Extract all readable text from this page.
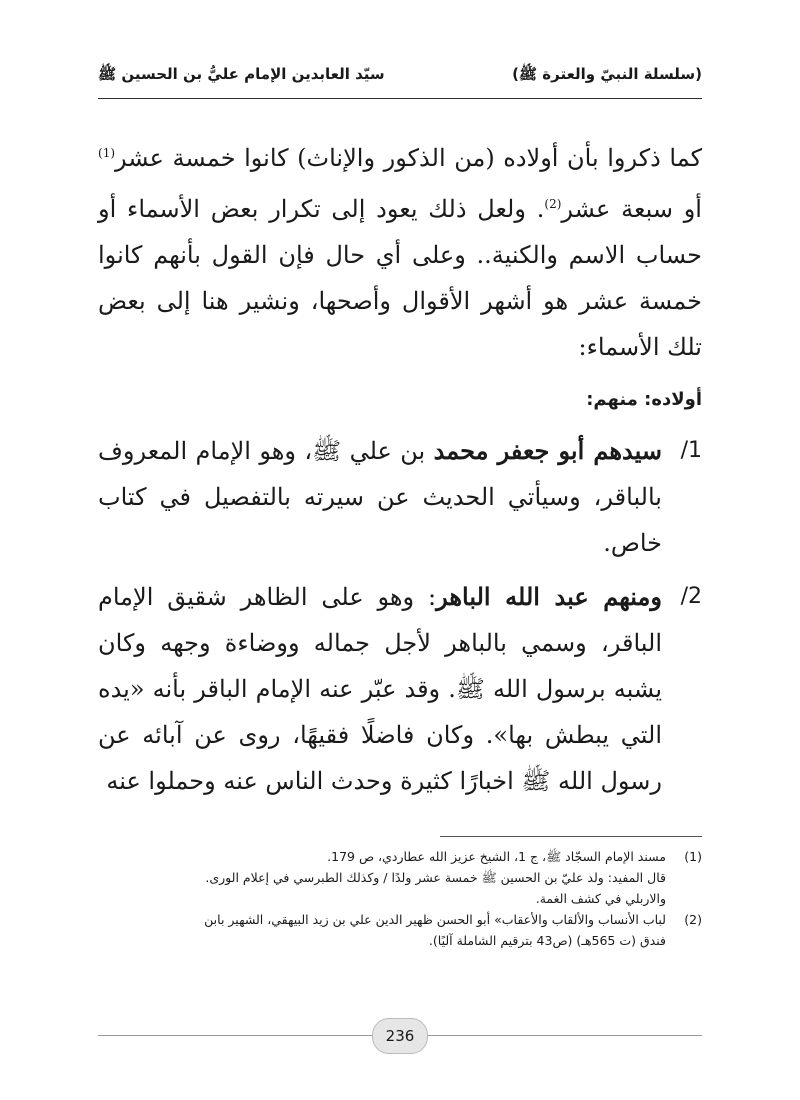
(سلسلة النبيّ والعترة ﷺ)
سيّد العابدين الإمام عليُّ بن الحسين ﷺ

كما ذكروا بأن أولاده (من الذكور والإناث) كانوا خمسة عشر$^{(1)}$ أو سبعة عشر$^{(2)}$. ولعل ذلك يعود إلى تكرار بعض الأسماء أو حساب الاسم والكنية.. وعلى أي حال فإن القول بأنهم كانوا خمسة عشر هو أشهر الأقوال وأصحها، ونشير هنا إلى بعض تلك الأسماء:

أولاده: منهم:
1/
سيدهم أبو جعفر محمد بن علي ﷺ، وهو الإمام المعروف بالباقر، وسيأتي الحديث عن سيرته بالتفصيل في كتاب خاص.
2/
ومنهم عبد الله الباهر: وهو على الظاهر شقيق الإمام الباقر، وسمي بالباهر لأجل جماله ووضاءة وجهه وكان يشبه برسول الله ﷺ. وقد عبّر عنه الإمام الباقر بأنه «يده التي يبطش بها». وكان فاضلًا فقيهًا، روى عن آبائه عن رسول الله ﷺ اخبارًا كثيرة وحدث الناس عنه وحملوا عنه
(1)

مسند الإمام السجّاد ﷺ، ج 1، الشيخ عزيز الله عطاردي، ص 179.

قال المفيد: ولد عليّ بن الحسين ﷺ خمسة عشر ولدًا / وكذلك الطبرسي في إعلام الورى.

والاربلي في كشف الغمة.

(2)

لباب الأنساب والألقاب والأعقاب» أبو الحسن ظهير الدين علي بن زيد البيهقي، الشهير بابن

فندق (ت 565هـ) (ص43 بترقيم الشاملة آليًا).

236
